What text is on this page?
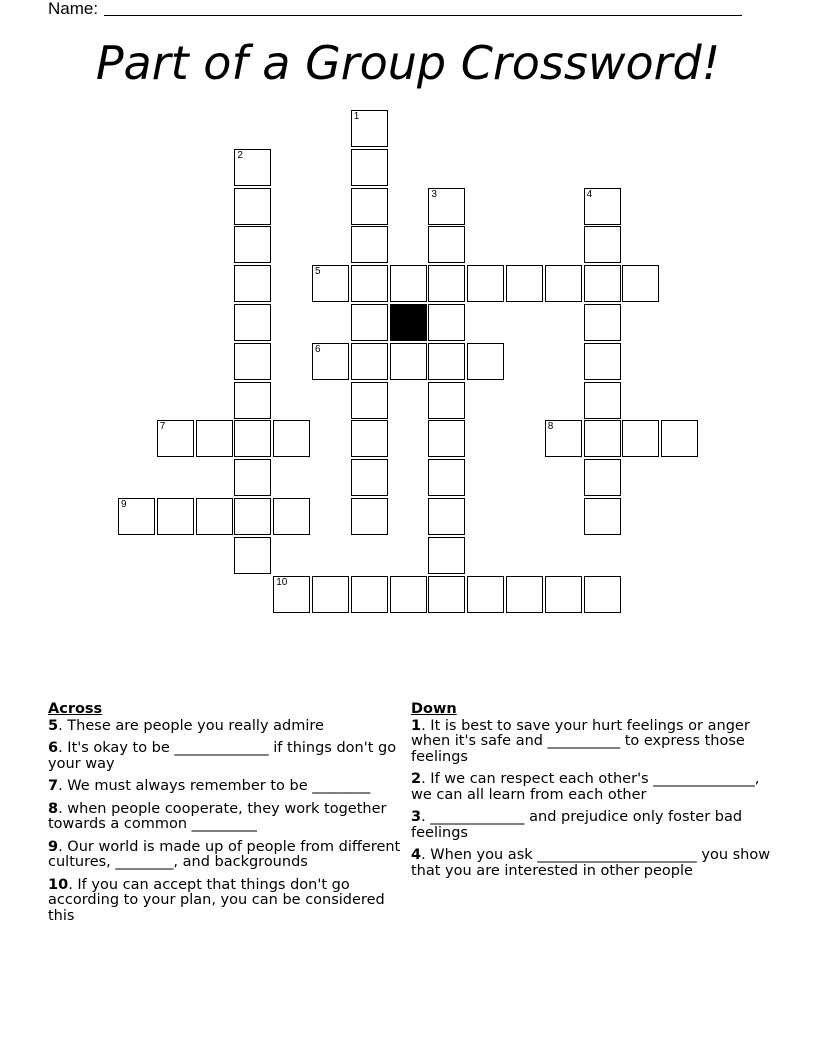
Name:
Part of a Group Crossword!
1
2
3	4
5
6
7	8
9
10
Across
5. These are people you really admire
6. It's okay to be _____________ if things don't go your way
7. We must always remember to be ________
8. when people cooperate, they work together towards a common _________
9. Our world is made up of people from different cultures, ________, and backgrounds
10. If you can accept that things don't go according to your plan, you can be considered this
Down
1. It is best to save your hurt feelings or anger when it's safe and __________ to express those feelings
2. If we can respect each other's ______________, we can all learn from each other
3. _____________ and prejudice only foster bad feelings
4. When you ask ______________________ you show that you are interested in other people
